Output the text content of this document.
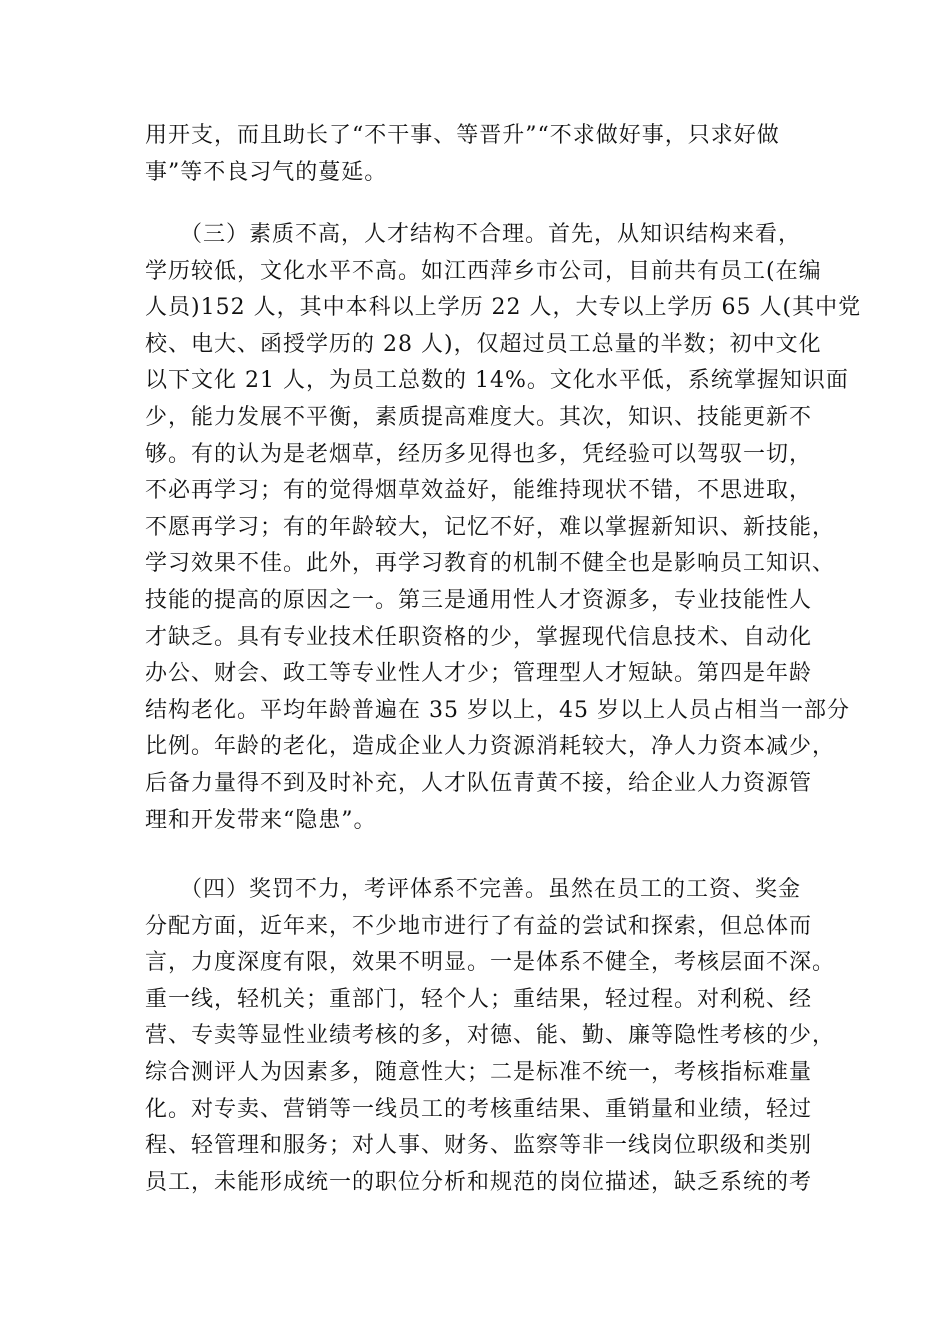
用开支，而且助长了“不干事、等晋升”“不求做好事，只求好做
事”等不良习气的蔓延。
　　（三）素质不高，人才结构不合理。首先，从知识结构来看，
学历较低，文化水平不高。如江西萍乡市公司，目前共有员工(在编
人员)152 人，其中本科以上学历 22 人，大专以上学历 65 人(其中党
校、电大、函授学历的 28 人)，仅超过员工总量的半数；初中文化
以下文化 21 人，为员工总数的 14%。文化水平低，系统掌握知识面
少，能力发展不平衡，素质提高难度大。其次，知识、技能更新不
够。有的认为是老烟草，经历多见得也多，凭经验可以驾驭一切，
不必再学习；有的觉得烟草效益好，能维持现状不错，不思进取，
不愿再学习；有的年龄较大，记忆不好，难以掌握新知识、新技能，
学习效果不佳。此外，再学习教育的机制不健全也是影响员工知识、
技能的提高的原因之一。第三是通用性人才资源多，专业技能性人
才缺乏。具有专业技术任职资格的少，掌握现代信息技术、自动化
办公、财会、政工等专业性人才少；管理型人才短缺。第四是年龄
结构老化。平均年龄普遍在 35 岁以上，45 岁以上人员占相当一部分
比例。年龄的老化，造成企业人力资源消耗较大，净人力资本减少，
后备力量得不到及时补充，人才队伍青黄不接，给企业人力资源管
理和开发带来“隐患”。
　　（四）奖罚不力，考评体系不完善。虽然在员工的工资、奖金
分配方面，近年来，不少地市进行了有益的尝试和探索，但总体而
言，力度深度有限，效果不明显。一是体系不健全，考核层面不深。
重一线，轻机关；重部门，轻个人；重结果，轻过程。对利税、经
营、专卖等显性业绩考核的多，对德、能、勤、廉等隐性考核的少，
综合测评人为因素多，随意性大；二是标准不统一，考核指标难量
化。对专卖、营销等一线员工的考核重结果、重销量和业绩，轻过
程、轻管理和服务；对人事、财务、监察等非一线岗位职级和类别
员工，未能形成统一的职位分析和规范的岗位描述，缺乏系统的考
